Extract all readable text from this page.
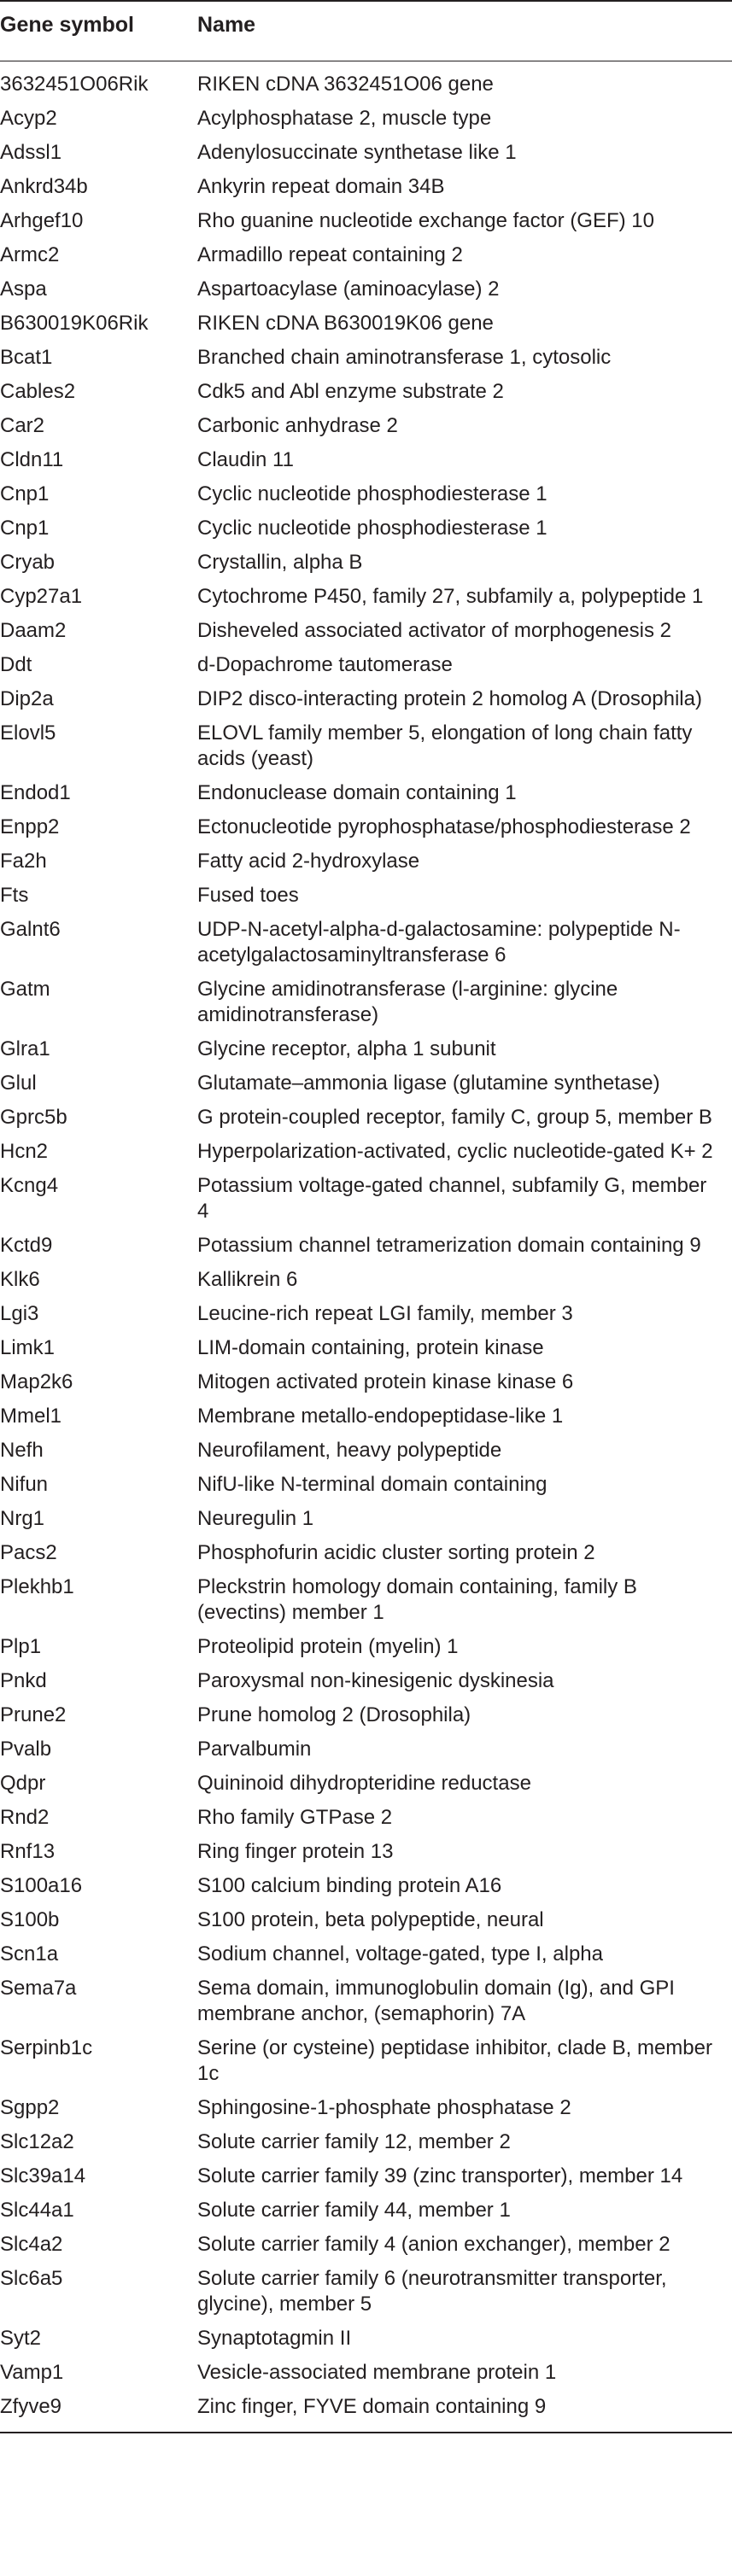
Gene symbol	Name
3632451O06Rik	RIKEN cDNA 3632451O06 gene
Acyp2	Acylphosphatase 2, muscle type
Adssl1	Adenylosuccinate synthetase like 1
Ankrd34b	Ankyrin repeat domain 34B
Arhgef10	Rho guanine nucleotide exchange factor (GEF) 10
Armc2	Armadillo repeat containing 2
Aspa	Aspartoacylase (aminoacylase) 2
B630019K06Rik	RIKEN cDNA B630019K06 gene
Bcat1	Branched chain aminotransferase 1, cytosolic
Cables2	Cdk5 and Abl enzyme substrate 2
Car2	Carbonic anhydrase 2
Cldn11	Claudin 11
Cnp1	Cyclic nucleotide phosphodiesterase 1
Cnp1	Cyclic nucleotide phosphodiesterase 1
Cryab	Crystallin, alpha B
Cyp27a1	Cytochrome P450, family 27, subfamily a, polypeptide 1
Daam2	Disheveled associated activator of morphogenesis 2
Ddt	d-Dopachrome tautomerase
Dip2a	DIP2 disco-interacting protein 2 homolog A (Drosophila)
Elovl5	ELOVL family member 5, elongation of long chain fatty acids (yeast)
Endod1	Endonuclease domain containing 1
Enpp2	Ectonucleotide pyrophosphatase/phosphodiesterase 2
Fa2h	Fatty acid 2-hydroxylase
Fts	Fused toes
Galnt6	UDP-N-acetyl-alpha-d-galactosamine: polypeptide N-acetylgalactosaminyltransferase 6
Gatm	Glycine amidinotransferase (l-arginine: glycine amidinotransferase)
Glra1	Glycine receptor, alpha 1 subunit
Glul	Glutamate–ammonia ligase (glutamine synthetase)
Gprc5b	G protein-coupled receptor, family C, group 5, member B
Hcn2	Hyperpolarization-activated, cyclic nucleotide-gated K+ 2
Kcng4	Potassium voltage-gated channel, subfamily G, member 4
Kctd9	Potassium channel tetramerization domain containing 9
Klk6	Kallikrein 6
Lgi3	Leucine-rich repeat LGI family, member 3
Limk1	LIM-domain containing, protein kinase
Map2k6	Mitogen activated protein kinase kinase 6
Mmel1	Membrane metallo-endopeptidase-like 1
Nefh	Neurofilament, heavy polypeptide
Nifun	NifU-like N-terminal domain containing
Nrg1	Neuregulin 1
Pacs2	Phosphofurin acidic cluster sorting protein 2
Plekhb1	Pleckstrin homology domain containing, family B (evectins) member 1
Plp1	Proteolipid protein (myelin) 1
Pnkd	Paroxysmal non-kinesigenic dyskinesia
Prune2	Prune homolog 2 (Drosophila)
Pvalb	Parvalbumin
Qdpr	Quininoid dihydropteridine reductase
Rnd2	Rho family GTPase 2
Rnf13	Ring finger protein 13
S100a16	S100 calcium binding protein A16
S100b	S100 protein, beta polypeptide, neural
Scn1a	Sodium channel, voltage-gated, type I, alpha
Sema7a	Sema domain, immunoglobulin domain (Ig), and GPI membrane anchor, (semaphorin) 7A
Serpinb1c	Serine (or cysteine) peptidase inhibitor, clade B, member 1c
Sgpp2	Sphingosine-1-phosphate phosphatase 2
Slc12a2	Solute carrier family 12, member 2
Slc39a14	Solute carrier family 39 (zinc transporter), member 14
Slc44a1	Solute carrier family 44, member 1
Slc4a2	Solute carrier family 4 (anion exchanger), member 2
Slc6a5	Solute carrier family 6 (neurotransmitter transporter, glycine), member 5
Syt2	Synaptotagmin II
Vamp1	Vesicle-associated membrane protein 1
Zfyve9	Zinc finger, FYVE domain containing 9
